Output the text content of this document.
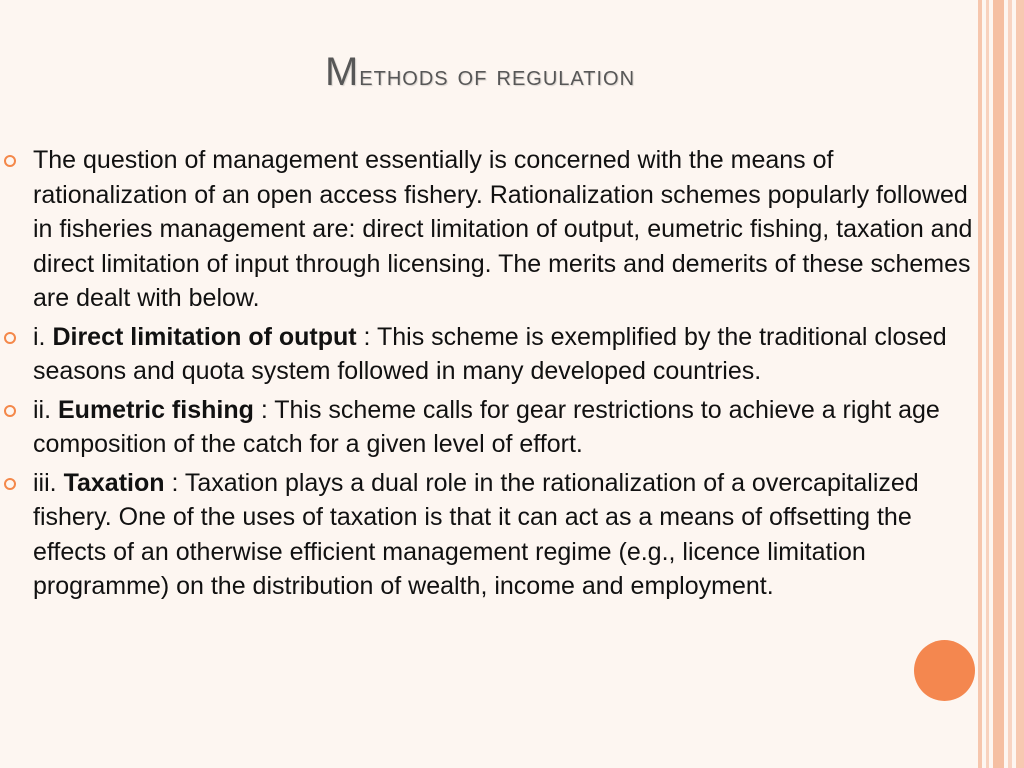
Methods of regulation
The question of management essentially is concerned with the means of rationalization of an open access fishery. Rationalization schemes popularly followed in fisheries management are: direct limitation of output, eumetric fishing, taxation and direct limitation of input through licensing. The merits and demerits of these schemes are dealt with below.
i. Direct limitation of output : This scheme is exemplified by the traditional closed seasons and quota system followed in many developed countries.
ii. Eumetric fishing : This scheme calls for gear restrictions to achieve a right age composition of the catch for a given level of effort.
iii. Taxation : Taxation plays a dual role in the rationalization of a overcapitalized fishery. One of the uses of taxation is that it can act as a means of offsetting the effects of an otherwise efficient management regime (e.g., licence limitation programme) on the distribution of wealth, income and employment.
